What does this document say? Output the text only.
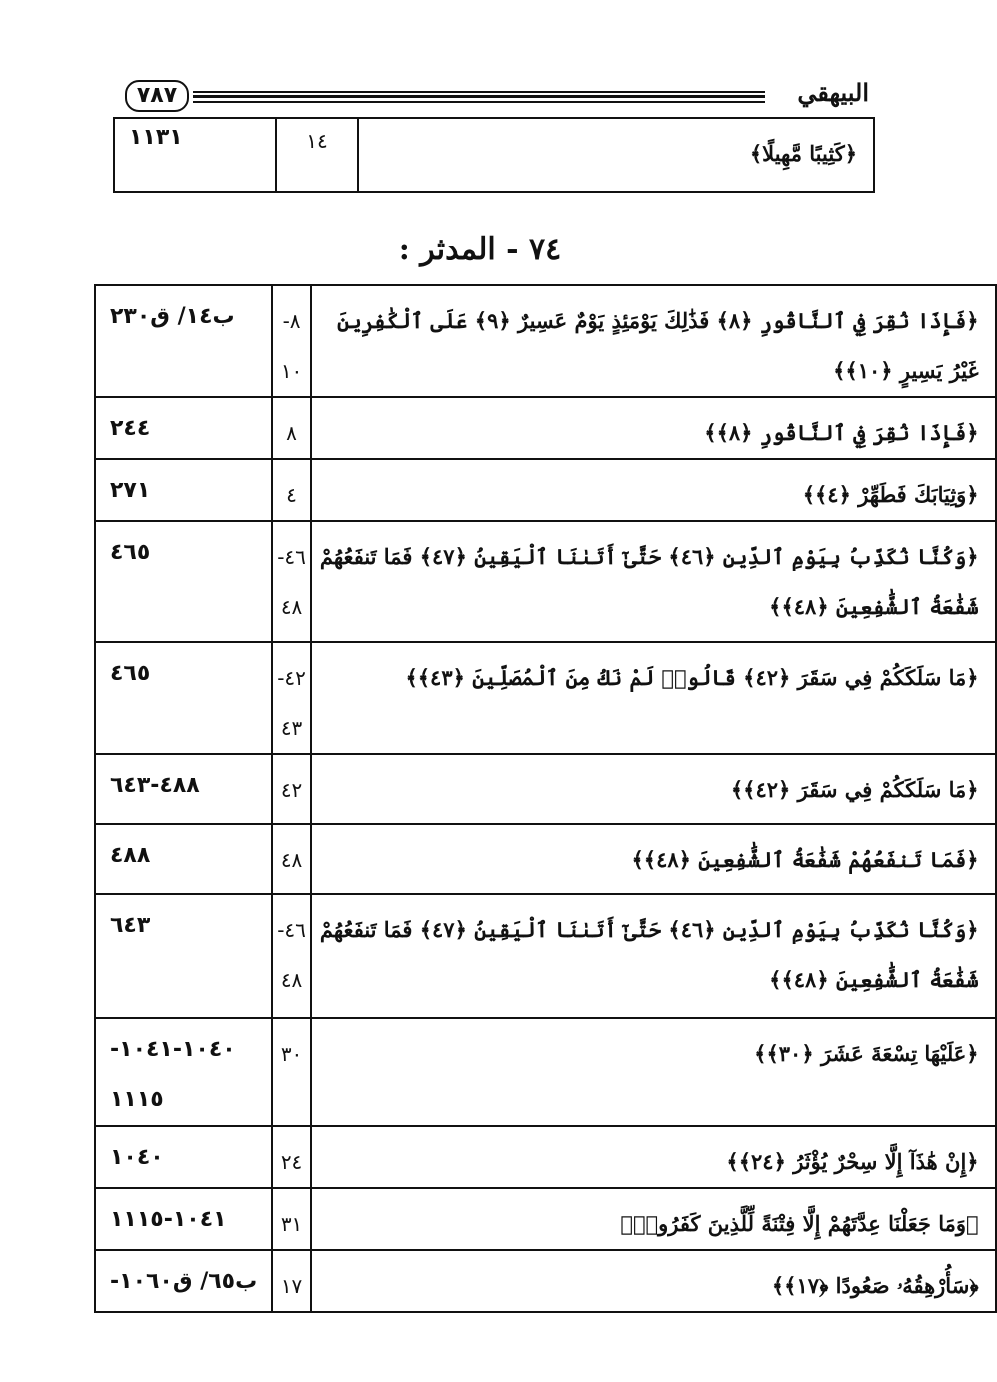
٧٨٧	البيهقي
﴿كَثِيبًا مَّهِيلًا﴾
	١٤	١١٣١
٧٤ - المدثر :
﴿فَإِذَا نُقِرَ فِي ٱلنَّاقُورِ ﴿٨﴾ فَذَٰلِكَ يَوْمَئِذٍ يَوْمٌ عَسِيرٌ ﴿٩﴾ عَلَى ٱلْكَٰفِرِينَ
غَيْرُ يَسِيرٍ ﴿١٠﴾﴾	٨-
١٠	ب١٤/ ق٢٣٠

﴿فَإِذَا نُقِرَ فِي ٱلنَّاقُورِ ﴿٨﴾﴾	٨	٢٤٤

﴿وَثِيَابَكَ فَطَهِّرْ ﴿٤﴾﴾	٤	٢٧١

﴿وَكُنَّا نُكَذِّبُ بِيَوْمِ ٱلدِّينِ ﴿٤٦﴾ حَتَّىٰٓ أَتَىٰنَا ٱلْيَقِينُ ﴿٤٧﴾ فَمَا تَنفَعُهُمْ
شَفَٰعَةُ ٱلشَّٰفِعِينَ ﴿٤٨﴾﴾	٤٦-
٤٨	٤٦٥

﴿مَا سَلَكَكُمْ فِي سَقَرَ ﴿٤٢﴾ قَالُوا۟ لَمْ نَكُ مِنَ ٱلْمُصَلِّينَ ﴿٤٣﴾﴾	٤٢-
٤٣	٤٦٥

﴿مَا سَلَكَكُمْ فِي سَقَرَ ﴿٤٢﴾﴾	٤٢	٤٨٨-٦٤٣

﴿فَمَا تَنفَعُهُمْ شَفَٰعَةُ ٱلشَّٰفِعِينَ ﴿٤٨﴾﴾	٤٨	٤٨٨

﴿وَكُنَّا نُكَذِّبُ بِيَوْمِ ٱلدِّينِ ﴿٤٦﴾ حَتَّىٰٓ أَتَىٰنَا ٱلْيَقِينُ ﴿٤٧﴾ فَمَا تَنفَعُهُمْ
شَفَٰعَةُ ٱلشَّٰفِعِينَ ﴿٤٨﴾﴾	٤٦-
٤٨	٦٤٣

﴿عَلَيْهَا تِسْعَةَ عَشَرَ ﴿٣٠﴾﴾	٣٠	١٠٤٠-١٠٤١-
١١١٥

﴿إِنْ هَٰذَآ إِلَّا سِحْرٌ يُؤْثَرُ ﴿٢٤﴾﴾	٢٤	١٠٤٠

﴿وَمَا جَعَلْنَا عِدَّتَهُمْ إِلَّا فِتْنَةً لِّلَّذِينَ كَفَرُوا۟﴾	٣١	١٠٤١-١١١٥

﴿سَأُرْهِقُهُۥ صَعُودًا ﴿١٧﴾﴾	١٧	ب٦٥/ ق١٠٦٠-
